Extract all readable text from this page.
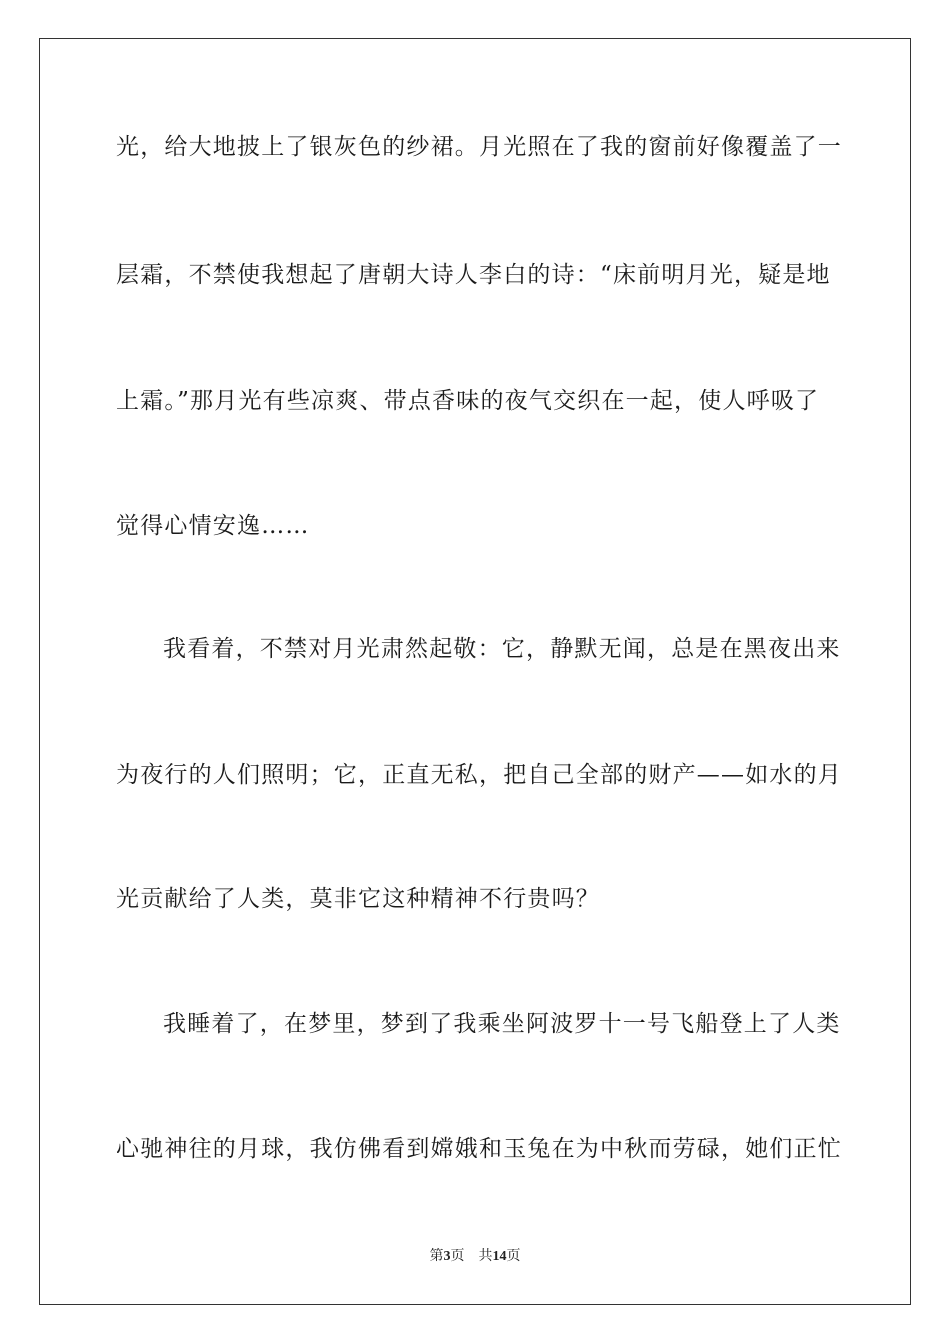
光，给大地披上了银灰色的纱裙。月光照在了我的窗前好像覆盖了一
层霜，不禁使我想起了唐朝大诗人李白的诗：“床前明月光，疑是地
上霜。”那月光有些凉爽、带点香味的夜气交织在一起，使人呼吸了
觉得心情安逸……
我看着，不禁对月光肃然起敬：它，静默无闻，总是在黑夜出来
为夜行的人们照明；它，正直无私，把自己全部的财产——如水的月
光贡献给了人类，莫非它这种精神不行贵吗？
我睡着了，在梦里，梦到了我乘坐阿波罗十一号飞船登上了人类
心驰神往的月球，我仿佛看到嫦娥和玉兔在为中秋而劳碌，她们正忙
第3页 共14页
